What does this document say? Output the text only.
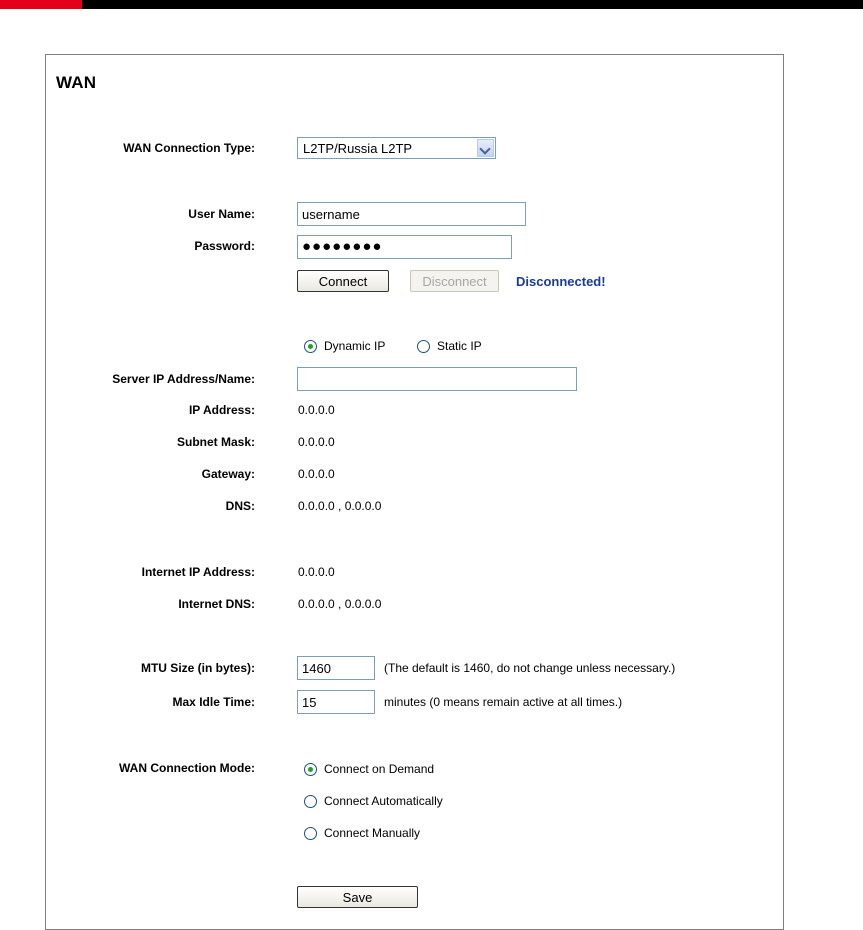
WAN
WAN Connection Type:	L2TP/Russia L2TP
User Name:
username
Password:	●●●●●●●●
Connect	Disconnect	Disconnected!
Dynamic IP	Static IP
Server IP Address/Name:
IP Address:	0.0.0.0
Subnet Mask:	0.0.0.0
Gateway:	0.0.0.0
DNS:	0.0.0.0 , 0.0.0.0
Internet IP Address:	0.0.0.0
Internet DNS:	0.0.0.0 , 0.0.0.0
MTU Size (in bytes):
1460	(The default is 1460, do not change unless necessary.)
Max Idle Time:
15	minutes (0 means remain active at all times.)
WAN Connection Mode:	Connect on Demand
Connect Automatically
Connect Manually
Save
